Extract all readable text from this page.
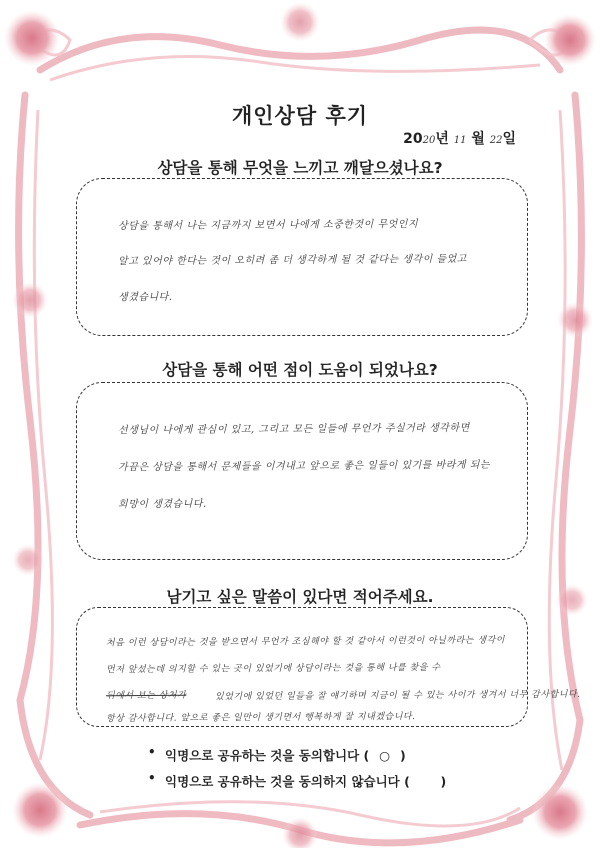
개인상담 후기
2020년 11 월 22일
상담을 통해 무엇을 느끼고 깨달으셨나요?
상담을 통해서 나는 지금까지 보면서 나에게 소중한것이 무엇인지
알고 있어야 한다는 것이 오히려 좀 더 생각하게 될 것 같다는 생각이 들었고
생겼습니다.
상담을 통해 어떤 점이 도움이 되었나요?
선생님이 나에게 관심이 있고, 그리고 모든 일들에 무언가 주실거라 생각하면
가끔은 상담을 통해서 문제들을 이겨내고 앞으로 좋은 일들이 있기를 바라게 되는
희망이 생겼습니다.
남기고 싶은 말씀이 있다면 적어주세요.
처음 이런 상담이라는 것을 받으면서 무언가 조심해야 할 것 같아서 이런것이 아닐까라는 생각이
먼저 앞섰는데 의지할 수 있는 곳이 있었기에 상담이라는 것을 통해 나를 찾을 수
뒤에서 보는 상처가	있었기에 있었던 일들을 잘 얘기하며 지금이 될 수 있는 사이가 생겨서 너무 감사합니다.
항상 감사합니다. 앞으로 좋은 일만이 생기면서 행복하게 잘 지내겠습니다.
• 익명으로 공유하는 것을 동의합니다 ( ○ )
• 익명으로 공유하는 것을 동의하지 않습니다 ( )
